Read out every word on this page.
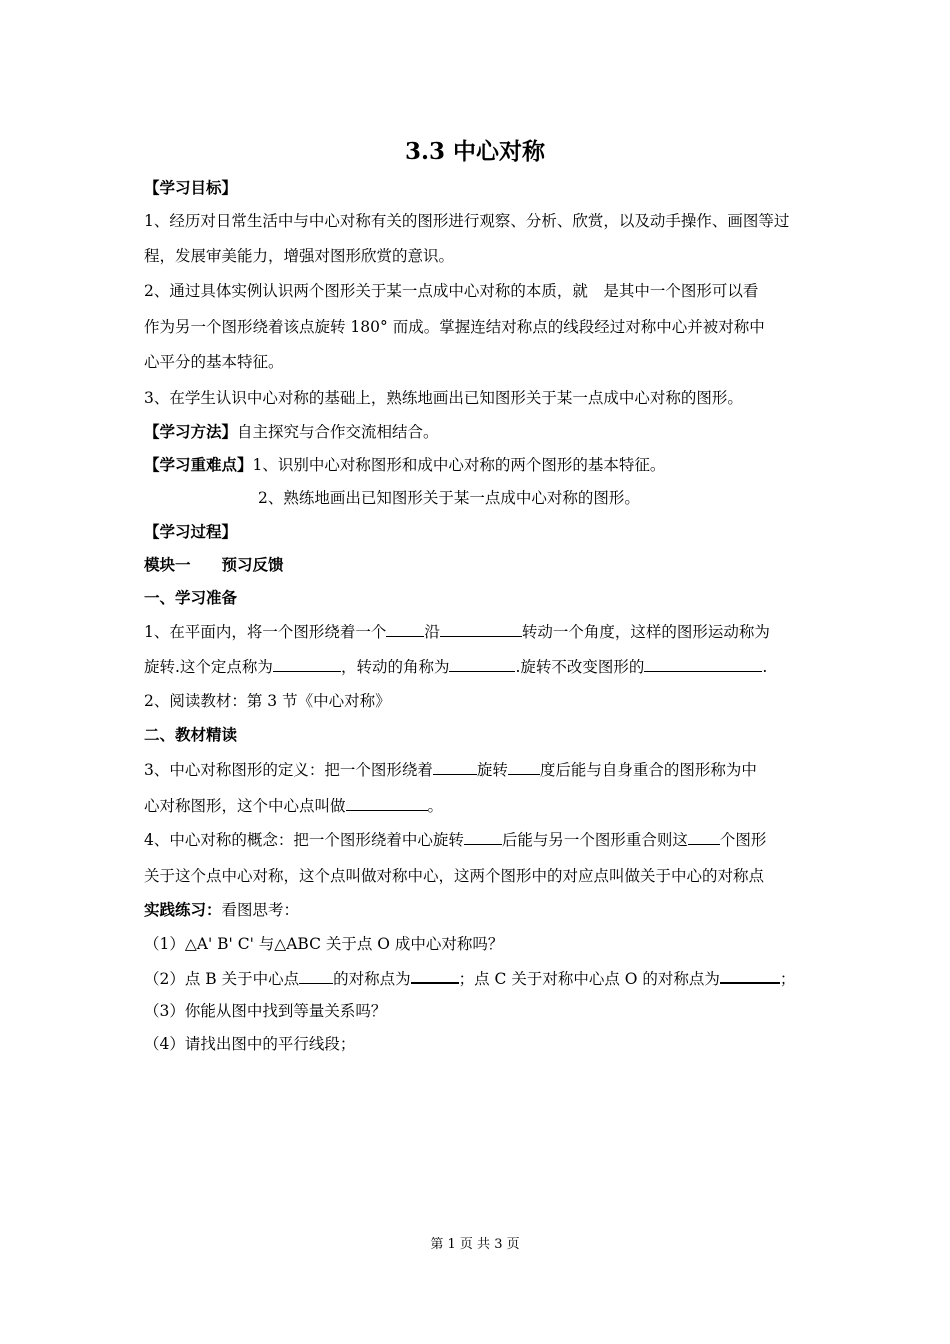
3.3 中心对称
【学习目标】
1、经历对日常生活中与中心对称有关的图形进行观察、分析、欣赏，以及动手操作、画图等过
程，发展审美能力，增强对图形欣赏的意识。
2、通过具体实例认识两个图形关于某一点成中心对称的本质，就　是其中一个图形可以看
作为另一个图形绕着该点旋转 180° 而成。掌握连结对称点的线段经过对称中心并被对称中
心平分的基本特征。
3、在学生认识中心对称的基础上，熟练地画出已知图形关于某一点成中心对称的图形。
【学习方法】自主探究与合作交流相结合。
【学习重难点】1、识别中心对称图形和成中心对称的两个图形的基本特征。
2、熟练地画出已知图形关于某一点成中心对称的图形。
【学习过程】
模块一　　预习反馈
一、学习准备
1、在平面内，将一个图形绕着一个 沿	转动一个角度，这样的图形运动称为
旋转.这个定点称为	，转动的角称为	.旋转不改变图形的	.
2、阅读教材：第 3 节《中心对称》
二、教材精读
3、中心对称图形的定义：把一个图形绕着	旋转 度后能与自身重合的图形称为中
心对称图形，这个中心点叫做	。
4、中心对称的概念：把一个图形绕着中心旋转 后能与另一个图形重合则这 个图形
关于这个点中心对称，这个点叫做对称中心，这两个图形中的对应点叫做关于中心的对称点
实践练习：看图思考：
（1）△A' B' C' 与△ABC 关于点 O 成中心对称吗？
（2）点 B 关于中心点 的对称点为	；点 C 关于对称中心点 O 的对称点为	；
（3）你能从图中找到等量关系吗？
（4）请找出图中的平行线段；
第 1 页 共 3 页
